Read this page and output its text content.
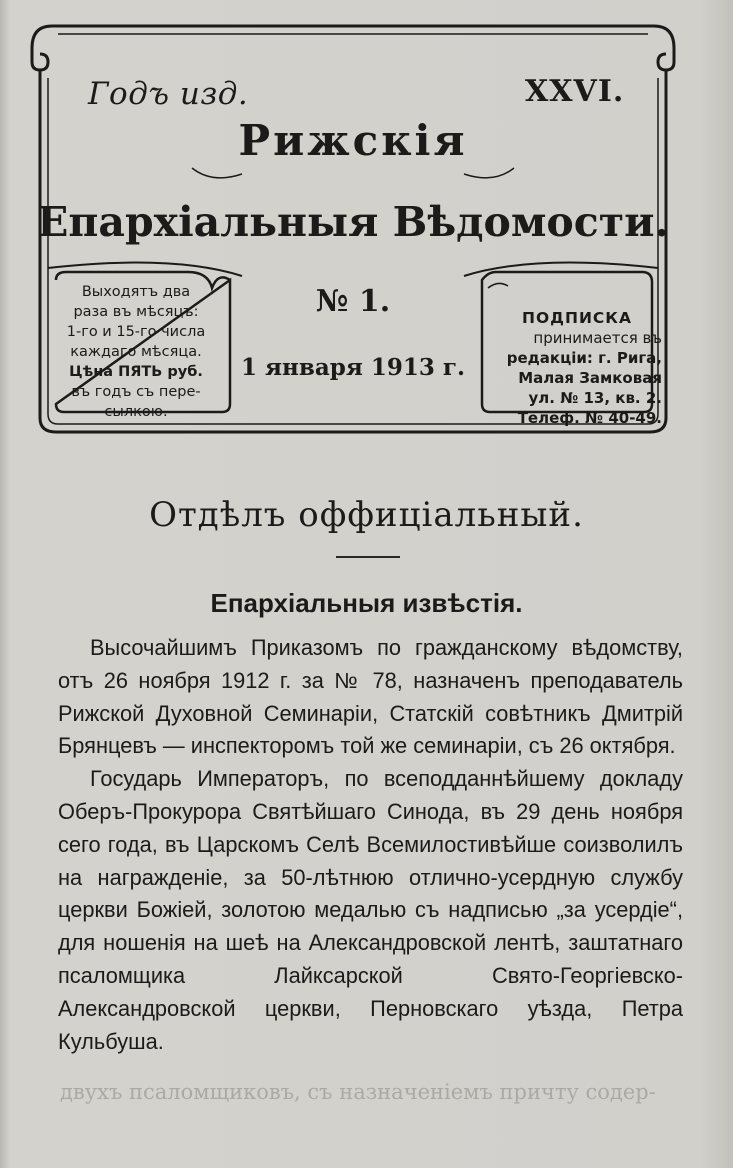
Годъ изд.	XXVI.
Рижскія
Епархіальныя Вѣдомости.
Выходятъ два
раза въ мѣсяцъ:
1-го и 15-го числа
каждаго мѣсяца.
Цѣна ПЯТЬ руб.
въ годъ съ пере-
сылкою.
№ 1.
1 января 1913 г.
ПОДПИСКА
принимается въ
редакціи: г. Рига,
Малая Замковая
ул. № 13, кв. 2.
Телеф. № 40-49.
Отдѣлъ оффиціальный.
Епархіальныя извѣстія.

Высочайшимъ Приказомъ по гражданскому вѣдомству, отъ 26 ноября 1912 г. за № 78, назначенъ преподаватель Рижской Духовной Семинаріи, Статскій совѣтникъ Дмитрій Брянцевъ — инспекторомъ той же семинаріи, съ 26 октября.

Государь Императоръ, по всеподданнѣйшему докладу Оберъ-Прокурора Святѣйшаго Синода, въ 29 день ноября сего года, въ Царскомъ Селѣ Всемилостивѣйше соизволилъ на награжденіе, за 50-лѣтнюю отлично-усердную службу церкви Божіей, золотою медалью съ надписью „за усердіе“, для ношенія на шеѣ на Александровской лентѣ, заштатнаго псаломщика Лайксарской Свято-Георгіевско-Александровской церкви, Перновскаго уѣзда, Петра Кульбуша.

двухъ псаломщиковъ, съ назначеніемъ причту содер-
